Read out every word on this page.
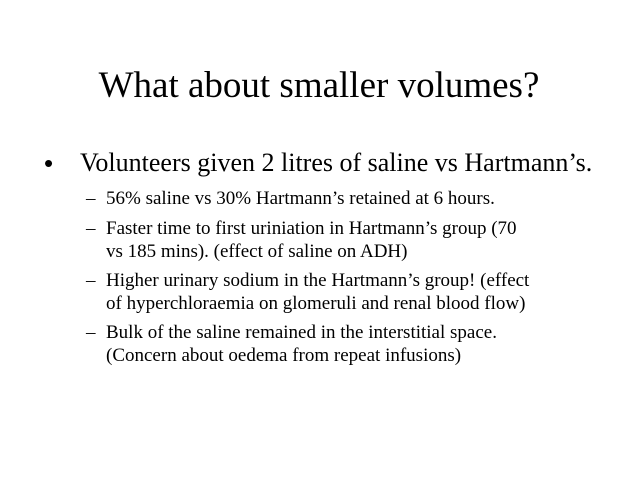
What about smaller volumes?
• Volunteers given 2 litres of saline vs Hartmann’s.
– 56% saline vs 30% Hartmann’s retained at 6 hours.
– Faster time to first uriniation in Hartmann’s group (70
vs 185 mins). (effect of saline on ADH)
– Higher urinary sodium in the Hartmann’s group! (effect
of hyperchloraemia on glomeruli and renal blood flow)
– Bulk of the saline remained in the interstitial space.
(Concern about oedema from repeat infusions)
